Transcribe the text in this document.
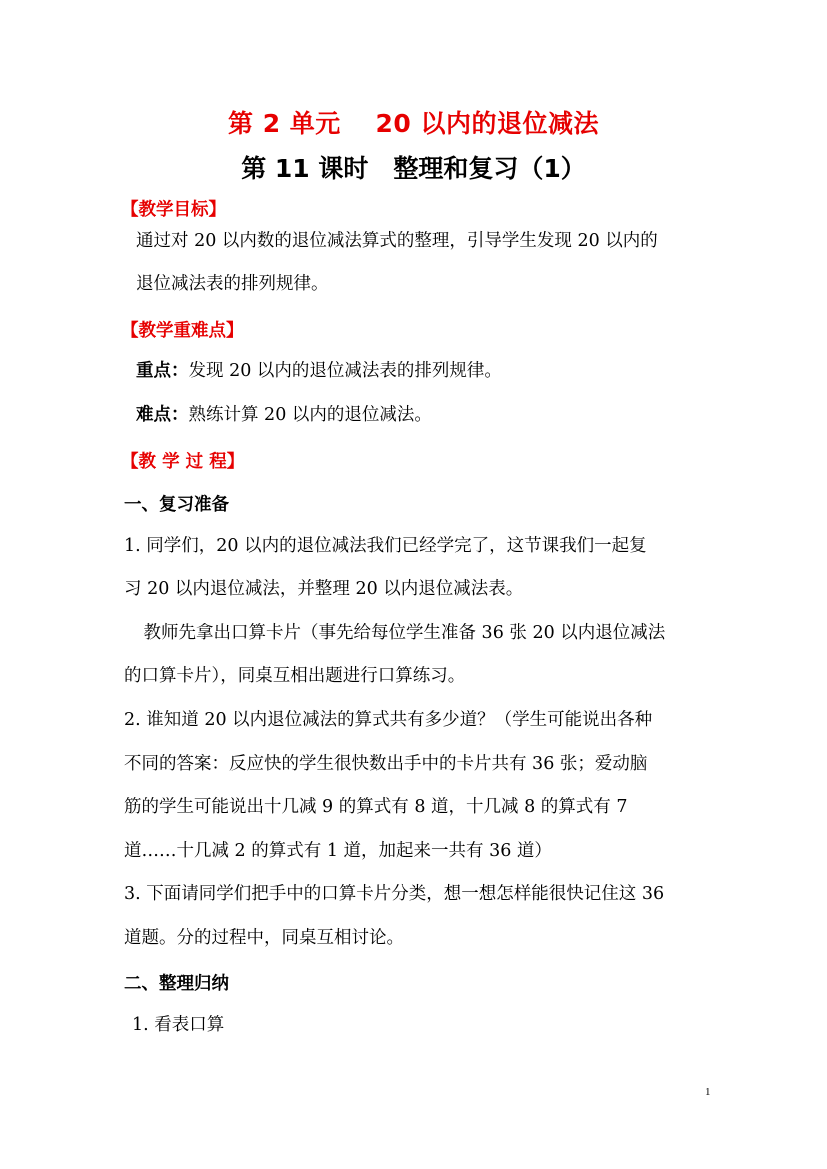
第 2 单元　 20 以内的退位减法
第 11 课时　整理和复习（1）
【教学目标】
通过对 20 以内数的退位减法算式的整理，引导学生发现 20 以内的
退位减法表的排列规律。
【教学重难点】
重点：发现 20 以内的退位减法表的排列规律。
难点：熟练计算 20 以内的退位减法。
【教 学 过 程】
一、复习准备
1. 同学们，20 以内的退位减法我们已经学完了，这节课我们一起复
习 20 以内退位减法，并整理 20 以内退位减法表。
　教师先拿出口算卡片（事先给每位学生准备 36 张 20 以内退位减法
的口算卡片），同桌互相出题进行口算练习。
2. 谁知道 20 以内退位减法的算式共有多少道？（学生可能说出各种
不同的答案：反应快的学生很快数出手中的卡片共有 36 张；爱动脑
筋的学生可能说出十几减 9 的算式有 8 道，十几减 8 的算式有 7
道……十几减 2 的算式有 1 道，加起来一共有 36 道）
3. 下面请同学们把手中的口算卡片分类，想一想怎样能很快记住这 36
道题。分的过程中，同桌互相讨论。
二、整理归纳
1. 看表口算
1
